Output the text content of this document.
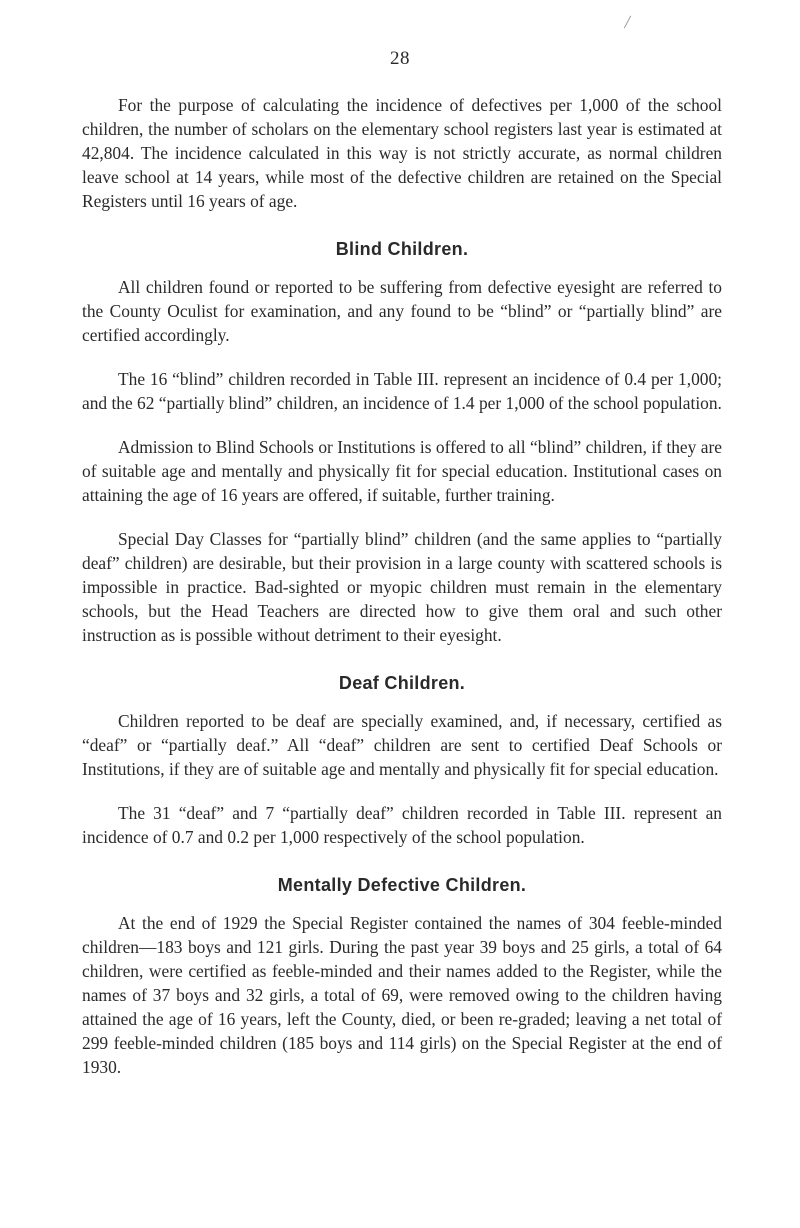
28

For the purpose of calculating the incidence of defectives per 1,000 of the school children, the number of scholars on the elementary school registers last year is estimated at 42,804. The incidence calculated in this way is not strictly accurate, as normal children leave school at 14 years, while most of the defective children are retained on the Special Registers until 16 years of age.

Blind Children.

All children found or reported to be suffering from defective eyesight are referred to the County Oculist for examination, and any found to be “blind” or “partially blind” are certified accordingly.

The 16 “blind” children recorded in Table III. represent an incidence of 0.4 per 1,000; and the 62 “partially blind” children, an incidence of 1.4 per 1,000 of the school population.

Admission to Blind Schools or Institutions is offered to all “blind” children, if they are of suitable age and mentally and physically fit for special education. Institutional cases on attaining the age of 16 years are offered, if suitable, further training.

Special Day Classes for “partially blind” children (and the same applies to “partially deaf” children) are desirable, but their provision in a large county with scattered schools is impossible in practice. Bad-sighted or myopic children must remain in the elementary schools, but the Head Teachers are directed how to give them oral and such other instruction as is possible without detriment to their eyesight.

Deaf Children.

Children reported to be deaf are specially examined, and, if necessary, certified as “deaf” or “partially deaf.” All “deaf” children are sent to certified Deaf Schools or Institutions, if they are of suitable age and mentally and physically fit for special education.

The 31 “deaf” and 7 “partially deaf” children recorded in Table III. represent an incidence of 0.7 and 0.2 per 1,000 respectively of the school population.

Mentally Defective Children.

At the end of 1929 the Special Register contained the names of 304 feeble-minded children—183 boys and 121 girls. During the past year 39 boys and 25 girls, a total of 64 children, were certified as feeble-minded and their names added to the Register, while the names of 37 boys and 32 girls, a total of 69, were removed owing to the children having attained the age of 16 years, left the County, died, or been re-graded; leaving a net total of 299 feeble-minded children (185 boys and 114 girls) on the Special Register at the end of 1930.
